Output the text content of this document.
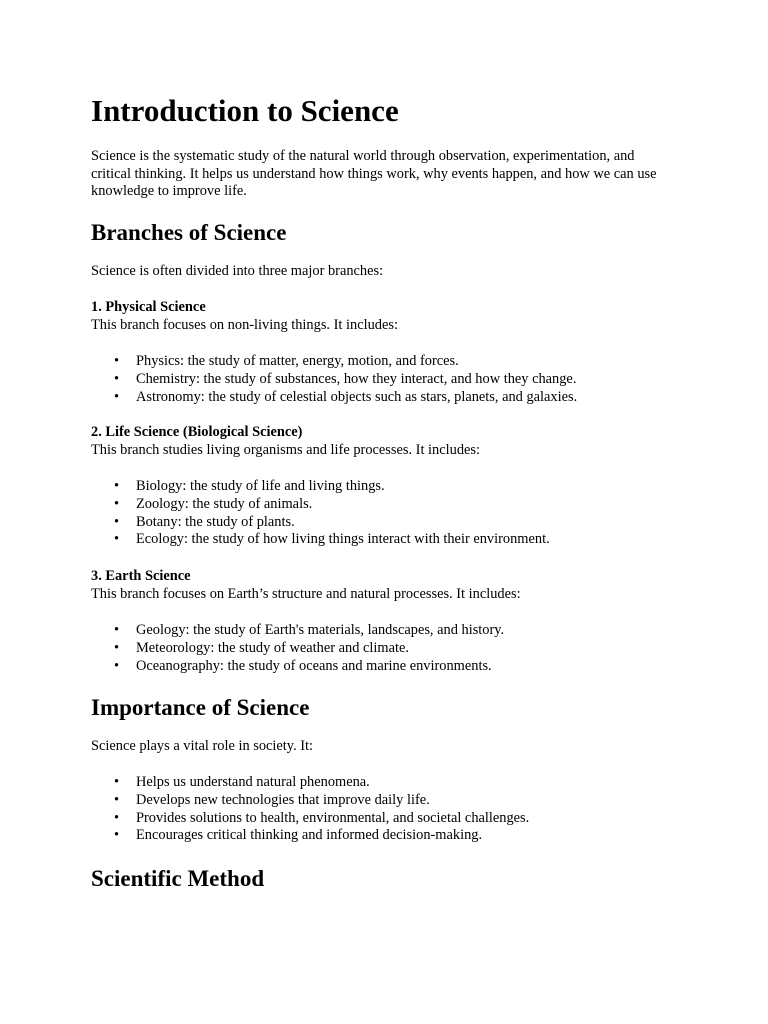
Introduction to Science

Science is the systematic study of the natural world through observation, experimentation, and critical thinking. It helps us understand how things work, why events happen, and how we can use knowledge to improve life.

Branches of Science

Science is often divided into three major branches:

1. Physical Science
This branch focuses on non-living things. It includes:

• Physics: the study of matter, energy, motion, and forces.
• Chemistry: the study of substances, how they interact, and how they change.
• Astronomy: the study of celestial objects such as stars, planets, and galaxies.

2. Life Science (Biological Science)
This branch studies living organisms and life processes. It includes:

• Biology: the study of life and living things.
• Zoology: the study of animals.
• Botany: the study of plants.
• Ecology: the study of how living things interact with their environment.

3. Earth Science
This branch focuses on Earth’s structure and natural processes. It includes:

• Geology: the study of Earth's materials, landscapes, and history.
• Meteorology: the study of weather and climate.
• Oceanography: the study of oceans and marine environments.
Importance of Science

Science plays a vital role in society. It:

• Helps us understand natural phenomena.
• Develops new technologies that improve daily life.
• Provides solutions to health, environmental, and societal challenges.
• Encourages critical thinking and informed decision-making.
Scientific Method
